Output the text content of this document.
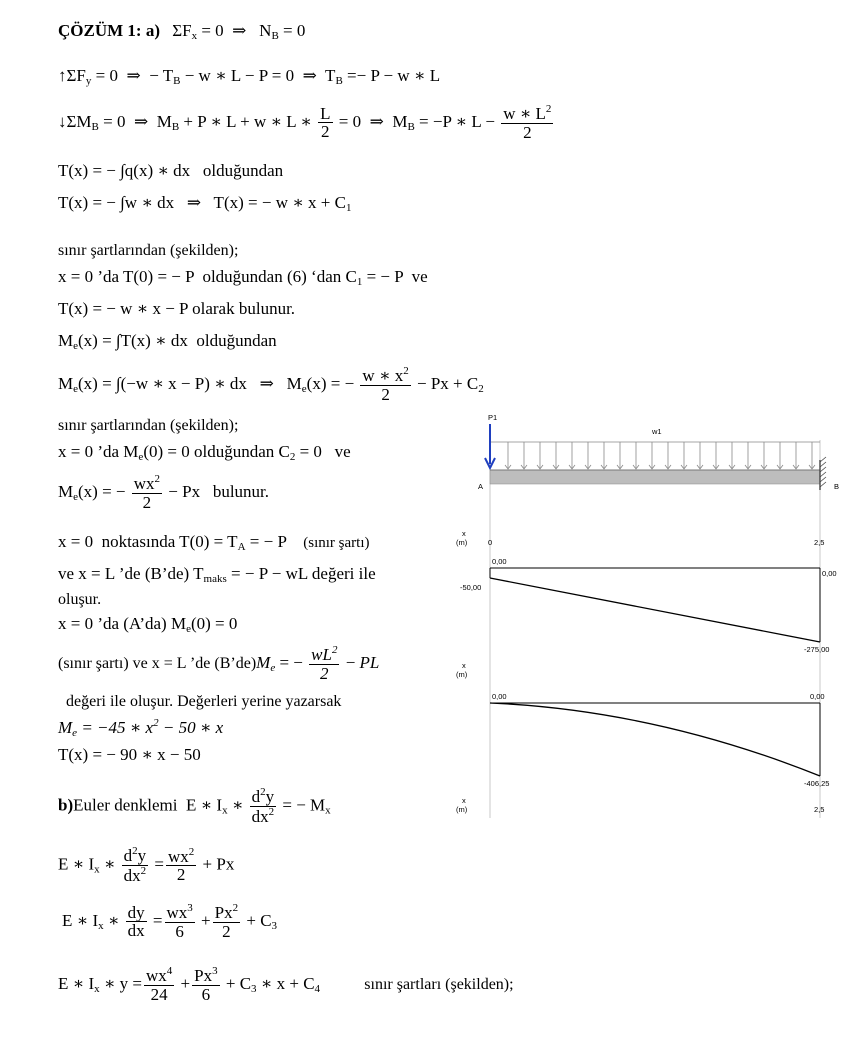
ÇÖZÜM 1: a) $\Sigma F_x = 0$  ⇒   $N_B = 0$
$↑\Sigma F_y = 0$  ⇒  − $T_B - w$ ∗ L − P = 0  ⇒  $T_B =- P - w$ ∗ L
$↓\Sigma M_B = 0$  ⇒  $M_B + P$ ∗ L + w ∗ L ∗ $\frac{L}{2} = 0$  ⇒  $M_B = -P$ ∗ $L - \frac{w ∗ L^2}{2}$
T(x) = − ∫q(x) ∗ dx   olduğundan
T(x) = − ∫w ∗ dx   ⇒   T(x) = − w ∗ $x + C_1$
sınır şartlarından (şekilden);
x = 0 ’da T(0) = − P  olduğundan (6) ‘dan $C_1$ = − P  ve
T(x) = − w ∗ x − P olarak bulunur.
$M_e(x) = \int T(x)$ ∗ dx  olduğundan
$M_e(x) = \int(-w$ ∗ x − P) ∗ dx   ⇒   $M_e(x)$ = − $\frac{w ∗ x^2}{2} - Px + C_2$
sınır şartlarından (şekilden);
x = 0 ’da $M_e(0) = 0$ olduğundan $C_2 = 0$   ve
$M_e(x)$ = − $\frac{wx^2}{2} - Px$   bulunur.
x = 0  noktasında $T(0) = T_A$ = − P    (sınır şartı)
ve x = L ’de (B’de) $T_{maks}$ = − P − wL değeri ile
oluşur.
x = 0 ’da (A’da) $M_e(0) = 0$
(sınır şartı) ve x = L ’de $(B’de)M_e$ = − $\frac{wL^2}{2}$ − PL
değeri ile oluşur. Değerleri yerine yazarsak
$M_e = -45$ ∗ $x^2 - 50$ ∗ x
T(x) = − 90 ∗ x − 50
b)Euler denklemi  E ∗ $I_x$ ∗ $\frac{d^2y}{dx^2}$ = − $M_x$
E ∗ $I_x$ ∗ $\frac{d^2y}{dx^2} = \frac{wx^2}{2} + Px$
E ∗ $I_x$ ∗ $\frac{dy}{dx} = \frac{wx^3}{6} + \frac{Px^2}{2} + C_3$
E ∗ $I_x$ ∗ $y = \frac{wx^4}{24} + \frac{Px^3}{6} + C_3$ ∗ $x + C_4$	sınır şartları (şekilden);
w1
P1
A	B
x
(m)	0	2,5
0,00
-50,00
0,00
-275,00
x
(m)
0,00	0,00
-406,25
x
(m)	2,5
